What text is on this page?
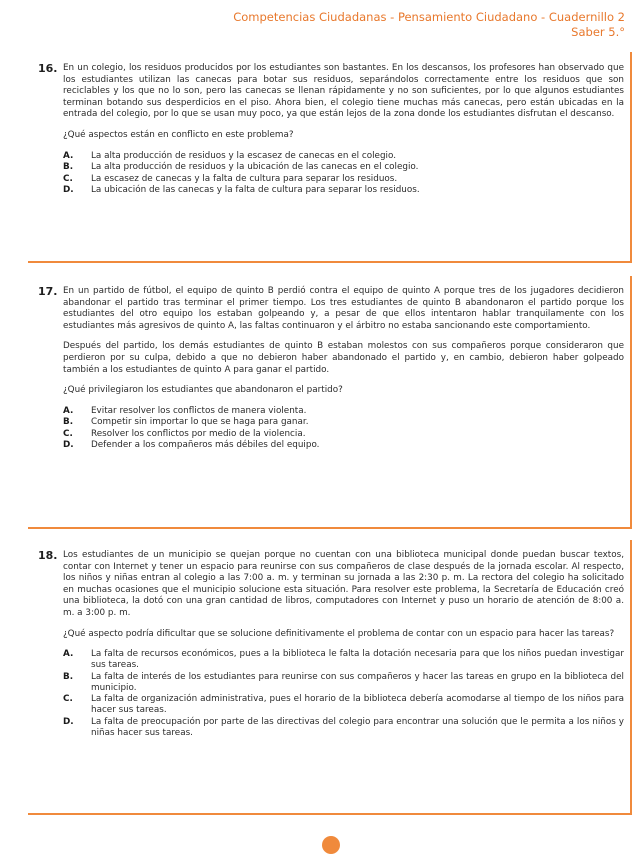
Competencias Ciudadanas - Pensamiento Ciudadano - Cuadernillo 2
Saber 5.°
16. En un colegio, los residuos producidos por los estudiantes son bastantes. En los descansos, los profesores han observado que los estudiantes utilizan las canecas para botar sus residuos, separándolos correctamente entre los residuos que son reciclables y los que no lo son, pero las canecas se llenan rápidamente y no son suficientes, por lo que algunos estudiantes terminan botando sus desperdicios en el piso. Ahora bien, el colegio tiene muchas más canecas, pero están ubicadas en la entrada del colegio, por lo que se usan muy poco, ya que están lejos de la zona donde los estudiantes disfrutan el descanso.

¿Qué aspectos están en conflicto en este problema?

A.	La alta producción de residuos y la escasez de canecas en el colegio.
B.	La alta producción de residuos y la ubicación de las canecas en el colegio.
C.	La escasez de canecas y la falta de cultura para separar los residuos.
D.	La ubicación de las canecas y la falta de cultura para separar los residuos.
17. En un partido de fútbol, el equipo de quinto B perdió contra el equipo de quinto A porque tres de los jugadores decidieron abandonar el partido tras terminar el primer tiempo. Los tres estudiantes de quinto B abandonaron el partido porque los estudiantes del otro equipo los estaban golpeando y, a pesar de que ellos intentaron hablar tranquilamente con los estudiantes más agresivos de quinto A, las faltas continuaron y el árbitro no estaba sancionando este comportamiento.

Después del partido, los demás estudiantes de quinto B estaban molestos con sus compañeros porque consideraron que perdieron por su culpa, debido a que no debieron haber abandonado el partido y, en cambio, debieron haber golpeado también a los estudiantes de quinto A para ganar el partido.

¿Qué privilegiaron los estudiantes que abandonaron el partido?

A.	Evitar resolver los conflictos de manera violenta.
B.	Competir sin importar lo que se haga para ganar.
C.	Resolver los conflictos por medio de la violencia.
D.	Defender a los compañeros más débiles del equipo.
18. Los estudiantes de un municipio se quejan porque no cuentan con una biblioteca municipal donde puedan buscar textos, contar con Internet y tener un espacio para reunirse con sus compañeros de clase después de la jornada escolar. Al respecto, los niños y niñas entran al colegio a las 7:00 a. m. y terminan su jornada a las 2:30 p. m. La rectora del colegio ha solicitado en muchas ocasiones que el municipio solucione esta situación. Para resolver este problema, la Secretaría de Educación creó una biblioteca, la dotó con una gran cantidad de libros, computadores con Internet y puso un horario de atención de 8:00 a. m. a 3:00 p. m.

¿Qué aspecto podría dificultar que se solucione definitivamente el problema de contar con un espacio para hacer las tareas?

A.	La falta de recursos económicos, pues a la biblioteca le falta la dotación necesaria para que los niños puedan investigar sus tareas.
B.	La falta de interés de los estudiantes para reunirse con sus compañeros y hacer las tareas en grupo en la biblioteca del municipio.
C.	La falta de organización administrativa, pues el horario de la biblioteca debería acomodarse al tiempo de los niños para hacer sus tareas.
D.	La falta de preocupación por parte de las directivas del colegio para encontrar una solución que le permita a los niños y niñas hacer sus tareas.
